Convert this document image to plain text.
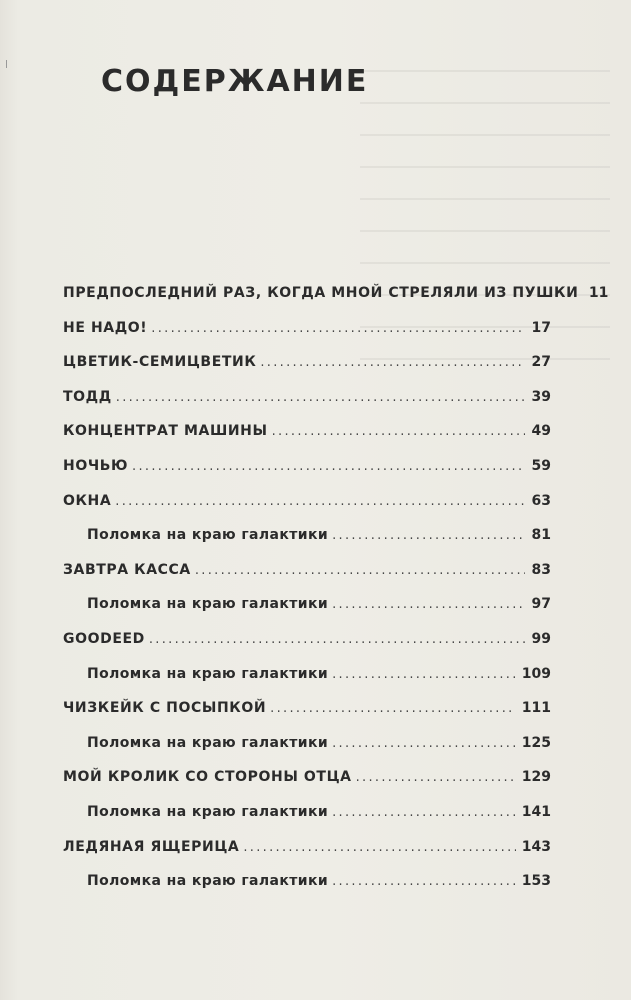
СОДЕРЖАНИЕ
ПРЕДПОСЛЕДНИЙ РАЗ, КОГДА МНОЙ СТРЕЛЯЛИ ИЗ ПУШКИ 11
НЕ НАДО! .....	17
ЦВЕТИК-СЕМИЦВЕТИК .....	27
ТОДД .....	39
КОНЦЕНТРАТ МАШИНЫ .....	49
НОЧЬЮ .....	59
ОКНА .....	63
Поломка на краю галактики .....	81
ЗАВТРА КАССА .....	83
Поломка на краю галактики .....	97
GOODEED .....	99
Поломка на краю галактики .....	109
ЧИЗКЕЙК С ПОСЫПКОЙ .....	111
Поломка на краю галактики .....	125
МОЙ КРОЛИК СО СТОРОНЫ ОТЦА .....	129
Поломка на краю галактики .....	141
ЛЕДЯНАЯ ЯЩЕРИЦА .....	143
Поломка на краю галактики .....	153
